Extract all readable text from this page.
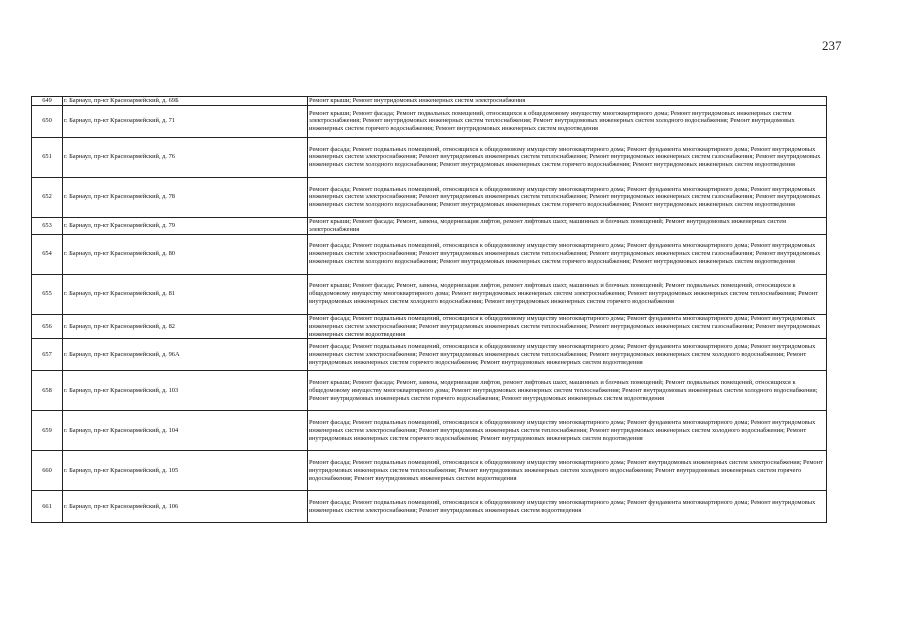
237
649	г. Барнаул, пр-кт Красноармейский, д. 69Б	Ремонт крыши; Ремонт внутридомовых инженерных систем электроснабжения
650	г. Барнаул, пр-кт Красноармейский, д. 71	Ремонт крыши; Ремонт фасада; Ремонт подвальных помещений, относящихся к общедомовому имуществу многоквартирного дома; Ремонт внутридомовых инженерных систем электроснабжения; Ремонт внутридомовых инженерных систем теплоснабжения; Ремонт внутридомовых инженерных систем холодного водоснабжения; Ремонт внутридомовых инженерных систем горячего водоснабжения; Ремонт внутридомовых инженерных систем водоотведения
651	г. Барнаул, пр-кт Красноармейский, д. 76	Ремонт фасада; Ремонт подвальных помещений, относящихся к общедомовому имуществу многоквартирного дома; Ремонт фундамента многоквартирного дома; Ремонт внутридомовых инженерных систем электроснабжения; Ремонт внутридомовых инженерных систем теплоснабжения; Ремонт внутридомовых инженерных систем газоснабжения; Ремонт внутридомовых инженерных систем холодного водоснабжения; Ремонт внутридомовых инженерных систем горячего водоснабжения; Ремонт внутридомовых инженерных систем водоотведения
652	г. Барнаул, пр-кт Красноармейский, д. 78	Ремонт фасада; Ремонт подвальных помещений, относящихся к общедомовому имуществу многоквартирного дома; Ремонт фундамента многоквартирного дома; Ремонт внутридомовых инженерных систем электроснабжения; Ремонт внутридомовых инженерных систем теплоснабжения; Ремонт внутридомовых инженерных систем газоснабжения; Ремонт внутридомовых инженерных систем холодного водоснабжения; Ремонт внутридомовых инженерных систем горячего водоснабжения; Ремонт внутридомовых инженерных систем водоотведения
653	г. Барнаул, пр-кт Красноармейский, д. 79	Ремонт крыши; Ремонт фасада; Ремонт, замена, модернизация лифтов, ремонт лифтовых шахт, машинных и блочных помещений; Ремонт внутридомовых инженерных систем электроснабжения
654	г. Барнаул, пр-кт Красноармейский, д. 80	Ремонт фасада; Ремонт подвальных помещений, относящихся к общедомовому имуществу многоквартирного дома; Ремонт фундамента многоквартирного дома; Ремонт внутридомовых инженерных систем электроснабжения; Ремонт внутридомовых инженерных систем теплоснабжения; Ремонт внутридомовых инженерных систем газоснабжения; Ремонт внутридомовых инженерных систем холодного водоснабжения; Ремонт внутридомовых инженерных систем горячего водоснабжения; Ремонт внутридомовых инженерных систем водоотведения
655	г. Барнаул, пр-кт Красноармейский, д. 81	Ремонт крыши; Ремонт фасада; Ремонт, замена, модернизация лифтов, ремонт лифтовых шахт, машинных и блочных помещений; Ремонт подвальных помещений, относящихся к общедомовому имуществу многоквартирного дома; Ремонт внутридомовых инженерных систем электроснабжения; Ремонт внутридомовых инженерных систем теплоснабжения; Ремонт внутридомовых инженерных систем холодного водоснабжения; Ремонт внутридомовых инженерных систем горячего водоснабжения
656	г. Барнаул, пр-кт Красноармейский, д. 82	Ремонт фасада; Ремонт подвальных помещений, относящихся к общедомовому имуществу многоквартирного дома; Ремонт фундамента многоквартирного дома; Ремонт внутридомовых инженерных систем электроснабжения; Ремонт внутридомовых инженерных систем теплоснабжения; Ремонт внутридомовых инженерных систем газоснабжения; Ремонт внутридомовых инженерных систем водоотведения
657	г. Барнаул, пр-кт Красноармейский, д. 96А	Ремонт фасада; Ремонт подвальных помещений, относящихся к общедомовому имуществу многоквартирного дома; Ремонт фундамента многоквартирного дома; Ремонт внутридомовых инженерных систем электроснабжения; Ремонт внутридомовых инженерных систем теплоснабжения; Ремонт внутридомовых инженерных систем холодного водоснабжения; Ремонт внутридомовых инженерных систем горячего водоснабжения; Ремонт внутридомовых инженерных систем водоотведения
658	г. Барнаул, пр-кт Красноармейский, д. 103	Ремонт крыши; Ремонт фасада; Ремонт, замена, модернизация лифтов, ремонт лифтовых шахт, машинных и блочных помещений; Ремонт подвальных помещений, относящихся к общедомовому имуществу многоквартирного дома; Ремонт внутридомовых инженерных систем теплоснабжения; Ремонт внутридомовых инженерных систем холодного водоснабжения; Ремонт внутридомовых инженерных систем горячего водоснабжения; Ремонт внутридомовых инженерных систем водоотведения
659	г. Барнаул, пр-кт Красноармейский, д. 104	Ремонт фасада; Ремонт подвальных помещений, относящихся к общедомовому имуществу многоквартирного дома; Ремонт фундамента многоквартирного дома; Ремонт внутридомовых инженерных систем электроснабжения; Ремонт внутридомовых инженерных систем теплоснабжения; Ремонт внутридомовых инженерных систем холодного водоснабжения; Ремонт внутридомовых инженерных систем горячего водоснабжения; Ремонт внутридомовых инженерных систем водоотведения
660	г. Барнаул, пр-кт Красноармейский, д. 105	Ремонт фасада; Ремонт подвальных помещений, относящихся к общедомовому имуществу многоквартирного дома; Ремонт внутридомовых инженерных систем электроснабжения; Ремонт внутридомовых инженерных систем теплоснабжения; Ремонт внутридомовых инженерных систем холодного водоснабжения; Ремонт внутридомовых инженерных систем горячего водоснабжения; Ремонт внутридомовых инженерных систем водоотведения
661	г. Барнаул, пр-кт Красноармейский, д. 106	Ремонт фасада; Ремонт подвальных помещений, относящихся к общедомовому имуществу многоквартирного дома; Ремонт фундамента многоквартирного дома; Ремонт внутридомовых инженерных систем электроснабжения; Ремонт внутридомовых инженерных систем водоотведения
